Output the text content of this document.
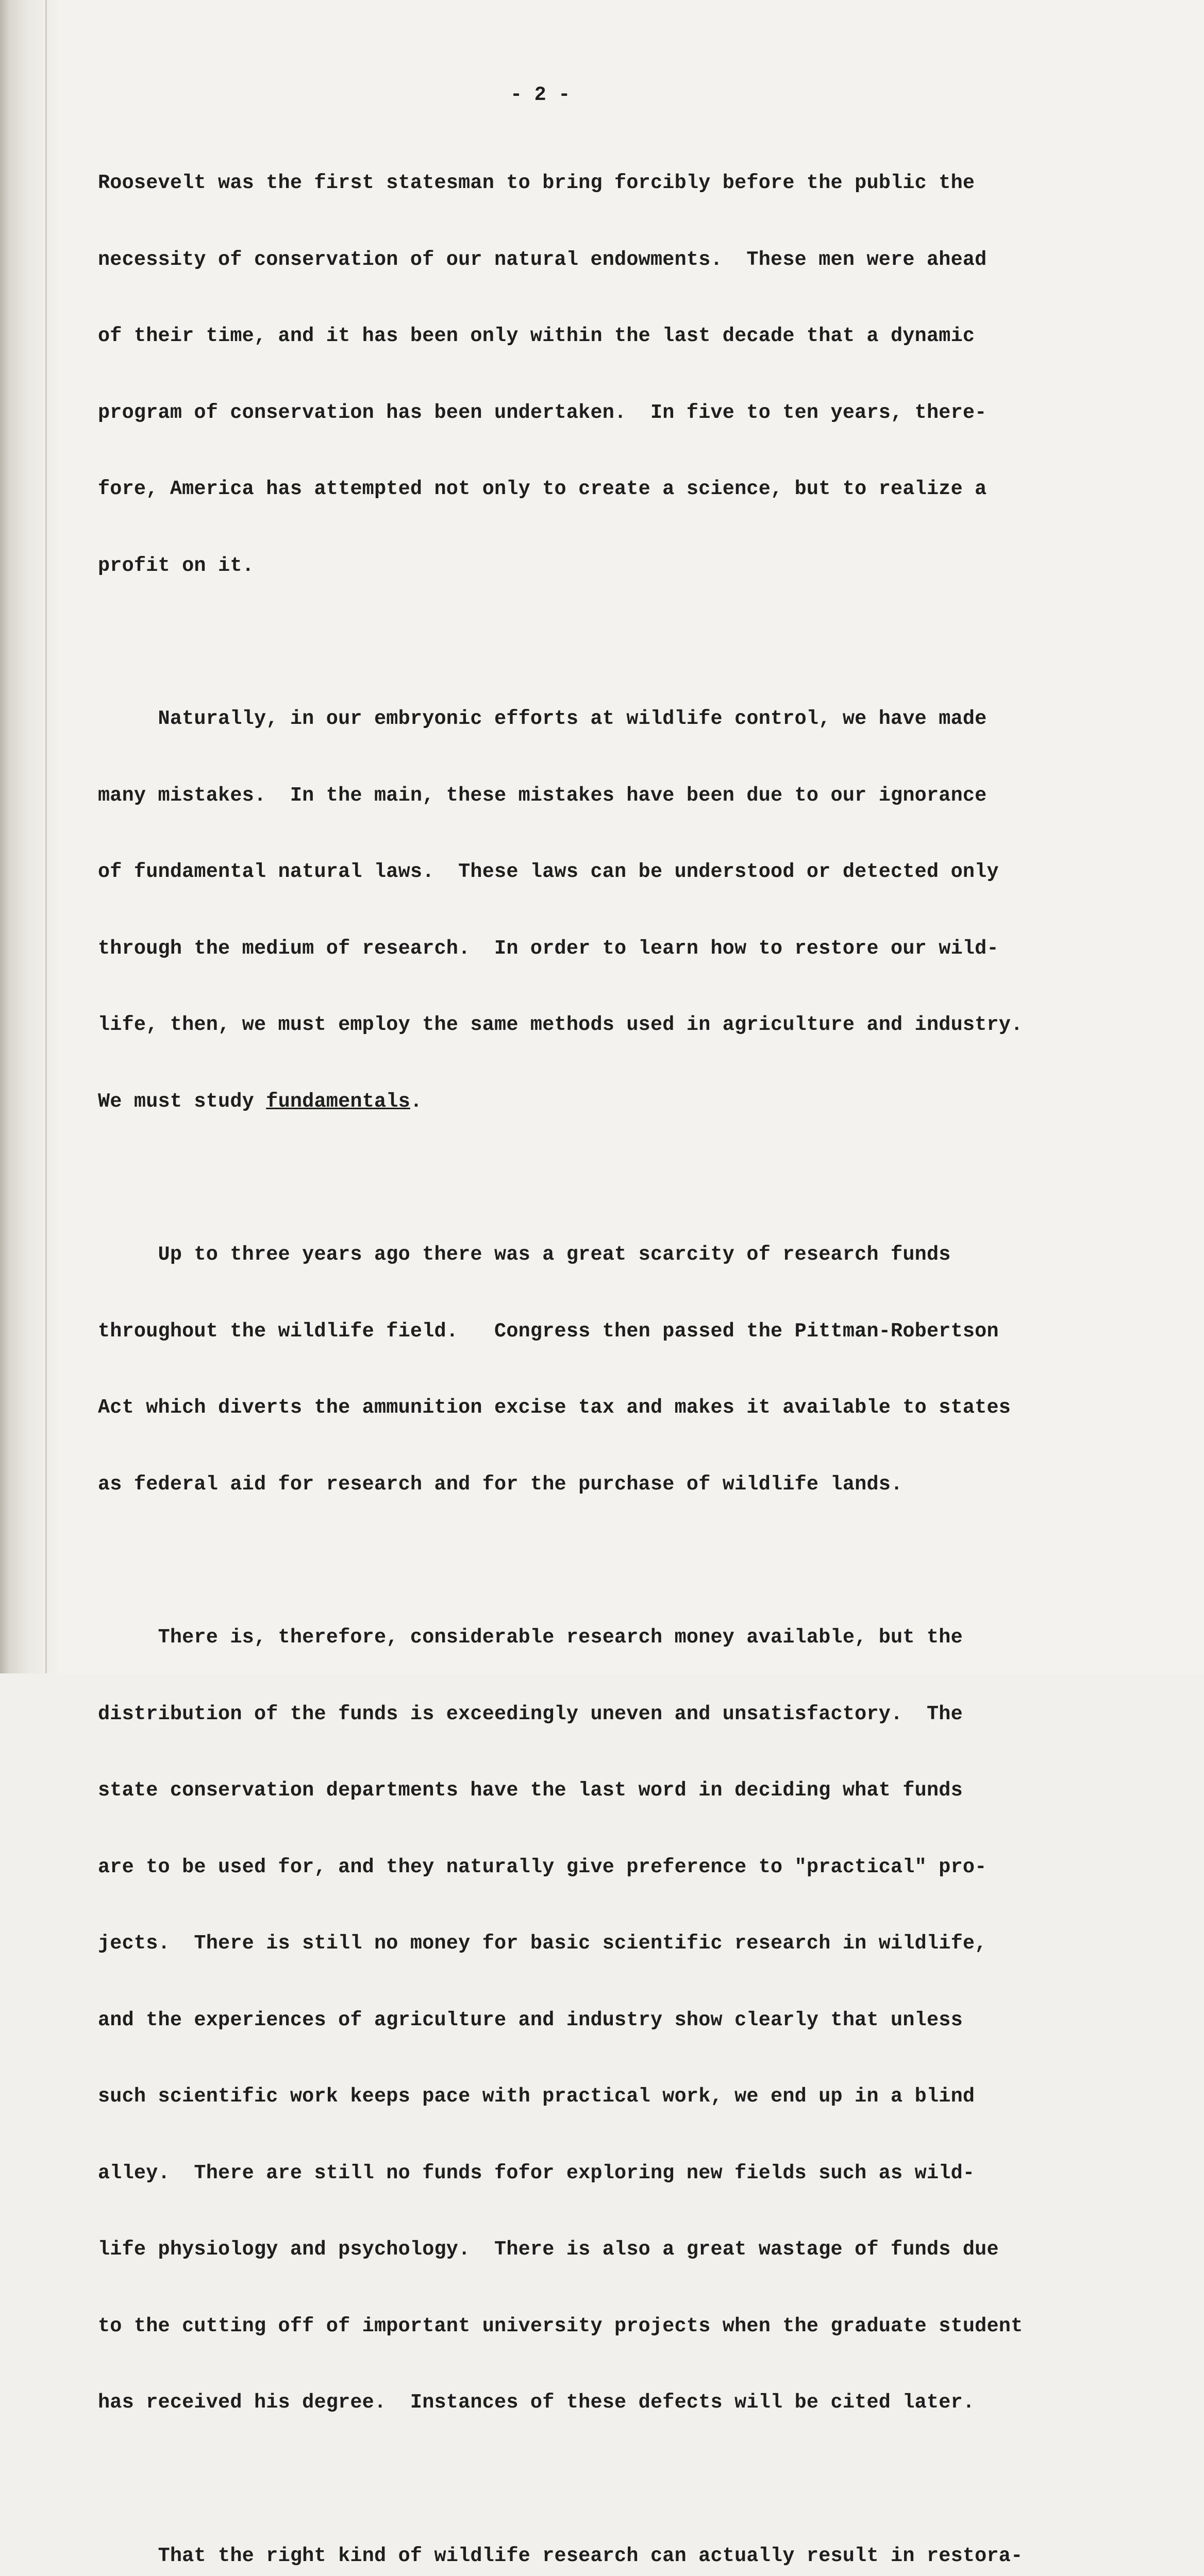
- 2 -

Roosevelt was the first statesman to bring forcibly before the public the

necessity of conservation of our natural endowments.  These men were ahead

of their time, and it has been only within the last decade that a dynamic

program of conservation has been undertaken.  In five to ten years, there-

fore, America has attempted not only to create a science, but to realize a

profit on it.

Naturally, in our embryonic efforts at wildlife control, we have made

many mistakes.  In the main, these mistakes have been due to our ignorance

of fundamental natural laws.  These laws can be understood or detected only

through the medium of research.  In order to learn how to restore our wild-

life, then, we must employ the same methods used in agriculture and industry.

We must study fundamentals.

Up to three years ago there was a great scarcity of research funds

throughout the wildlife field.   Congress then passed the Pittman-Robertson

Act which diverts the ammunition excise tax and makes it available to states

as federal aid for research and for the purchase of wildlife lands.

There is, therefore, considerable research money available, but the

distribution of the funds is exceedingly uneven and unsatisfactory.  The

state conservation departments have the last word in deciding what funds

are to be used for, and they naturally give preference to "practical" pro-

jects.  There is still no money for basic scientific research in wildlife,

and the experiences of agriculture and industry show clearly that unless

such scientific work keeps pace with practical work, we end up in a blind

alley.  There are still no funds fofor exploring new fields such as wild-

life physiology and psychology.  There is also a great wastage of funds due

to the cutting off of important university projects when the graduate student

has received his degree.  Instances of these defects will be cited later.

That the right kind of wildlife research can actually result in restora-
